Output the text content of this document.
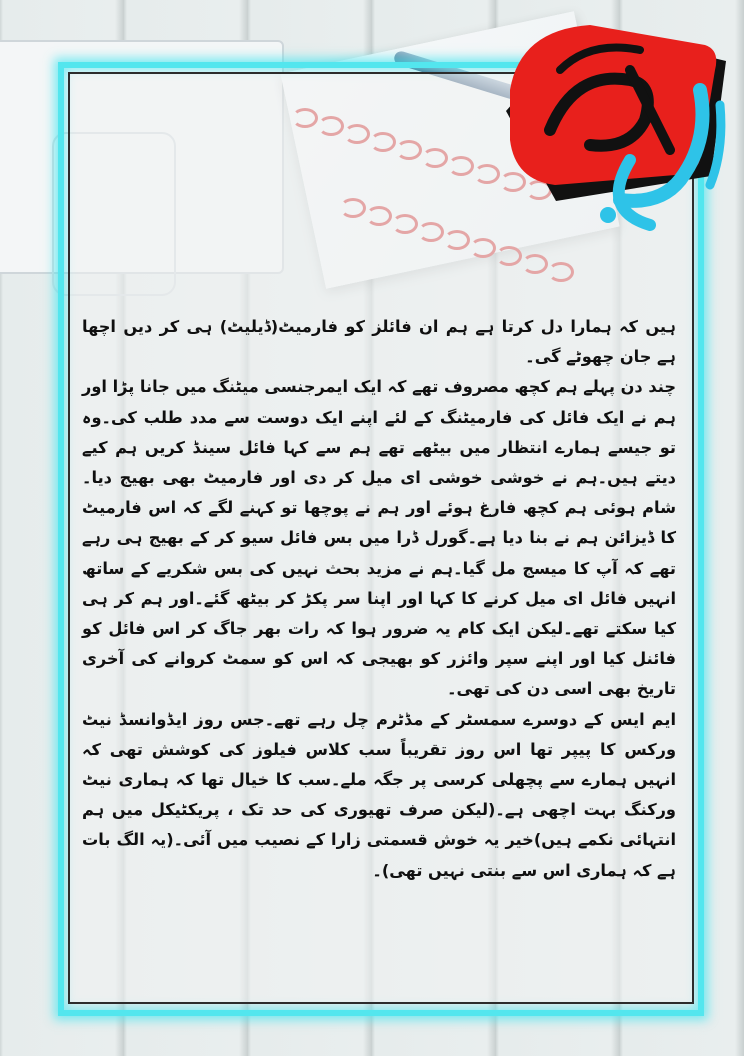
ہیں کہ ہمارا دل کرتا ہے ہم ان فائلز کو فارمیٹ(ڈیلیٹ) ہی کر دیں اچھا ہے جان چھوٹے گی۔

چند دن پہلے ہم کچھ مصروف تھے کہ ایک ایمرجنسی میٹنگ میں جانا پڑا اور ہم نے ایک فائل کی فارمیٹنگ کے لئے اپنے ایک دوست سے مدد طلب کی۔وہ تو جیسے ہمارے انتظار میں بیٹھے تھے ہم سے کہا فائل سینڈ کریں ہم کیے دیتے ہیں۔ہم نے خوشی خوشی ای میل کر دی اور فارمیٹ بھی بھیج دیا۔شام ہوئی ہم کچھ فارغ ہوئے اور ہم نے پوچھا تو کہنے لگے کہ اس فارمیٹ کا ڈیزائن ہم نے بنا دیا ہے۔گورل ڈرا میں بس فائل سیو کر کے بھیج ہی رہے تھے کہ آپ کا میسج مل گیا۔ہم نے مزید بحث نہیں کی بس شکریے کے ساتھ انہیں فائل ای میل کرنے کا کہا اور اپنا سر پکڑ کر بیٹھ گئے۔اور ہم کر ہی کیا سکتے تھے۔لیکن ایک کام یہ ضرور ہوا کہ رات بھر جاگ کر اس فائل کو فائنل کیا اور اپنے سپر وائزر کو بھیجی کہ اس کو سمٹ کروانے کی آخری تاریخ بھی اسی دن کی تھی۔

ایم ایس کے دوسرے سمسٹر کے مڈٹرم چل رہے تھے۔جس روز ایڈوانسڈ نیٹ ورکس کا پیپر تھا اس روز تقریباً سب کلاس فیلوز کی کوشش تھی کہ انہیں ہمارے سے پچھلی کرسی پر جگہ ملے۔سب کا خیال تھا کہ ہماری نیٹ ورکنگ بہت اچھی ہے۔(لیکن صرف تھیوری کی حد تک ، پریکٹیکل میں ہم انتہائی نکمے ہیں)خیر یہ خوش قسمتی زارا کے نصیب میں آئی۔(یہ الگ بات ہے کہ ہماری اس سے بنتی نہیں تھی)۔
